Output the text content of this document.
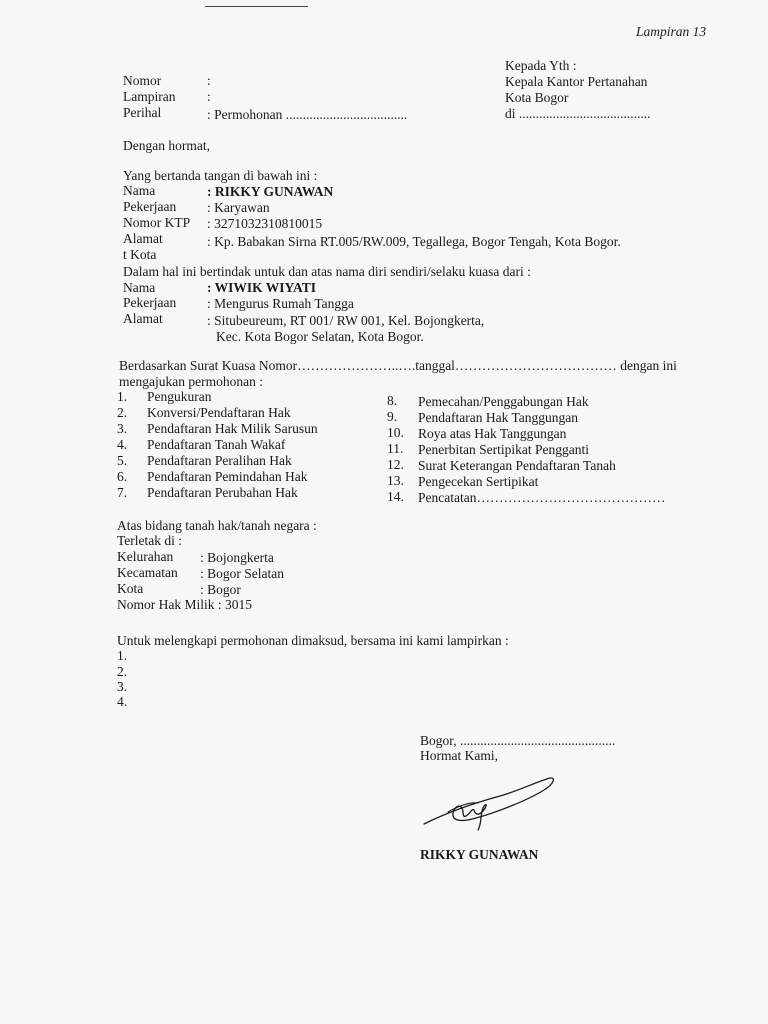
Lampiran 13
Kepada Yth :
Kepala Kantor Pertanahan
Kota Bogor
di .......................................
Nomor	:
Lampiran :
Perihal	: Permohonan ....................................
Dengan hormat,
Yang bertanda tangan di bawah ini :
Nama	: RIKKY GUNAWAN
Pekerjaan : Karyawan
Nomor KTP : 3271032310810015
Alamat	: Kp. Babakan Sirna RT.005/RW.009, Tegallega, Bogor Tengah, Kota Bogor.
t Kota
Dalam hal ini bertindak untuk dan atas nama diri sendiri/selaku kuasa dari :
Nama	: WIWIK WIYATI
Pekerjaan : Mengurus Rumah Tangga
Alamat	: Situbeureum, RT 001/ RW 001, Kel. Bojongkerta,
Kec. Kota Bogor Selatan, Kota Bogor.
Berdasarkan Surat Kuasa Nomor…………………..….tanggal……………………………… dengan ini
mengajukan permohonan :
1. Pengukuran
2. Konversi/Pendaftaran Hak
3. Pendaftaran Hak Milik Sarusun
4. Pendaftaran Tanah Wakaf
5. Pendaftaran Peralihan Hak
6. Pendaftaran Pemindahan Hak
7. Pendaftaran Perubahan Hak
8. Pemecahan/Penggabungan Hak
9. Pendaftaran Hak Tanggungan
10. Roya atas Hak Tanggungan
11. Penerbitan Sertipikat Pengganti
12. Surat Keterangan Pendaftaran Tanah
13. Pengecekan Sertipikat
14. Pencatatan……………………………………
Atas bidang tanah hak/tanah negara :
Terletak di :
Kelurahan : Bojongkerta
Kecamatan : Bogor Selatan
Kota	: Bogor
Nomor Hak Milik : 3015
Untuk melengkapi permohonan dimaksud, bersama ini kami lampirkan :
1.
2.
3.
4.
Bogor, ..............................................
Hormat Kami,
RIKKY GUNAWAN
